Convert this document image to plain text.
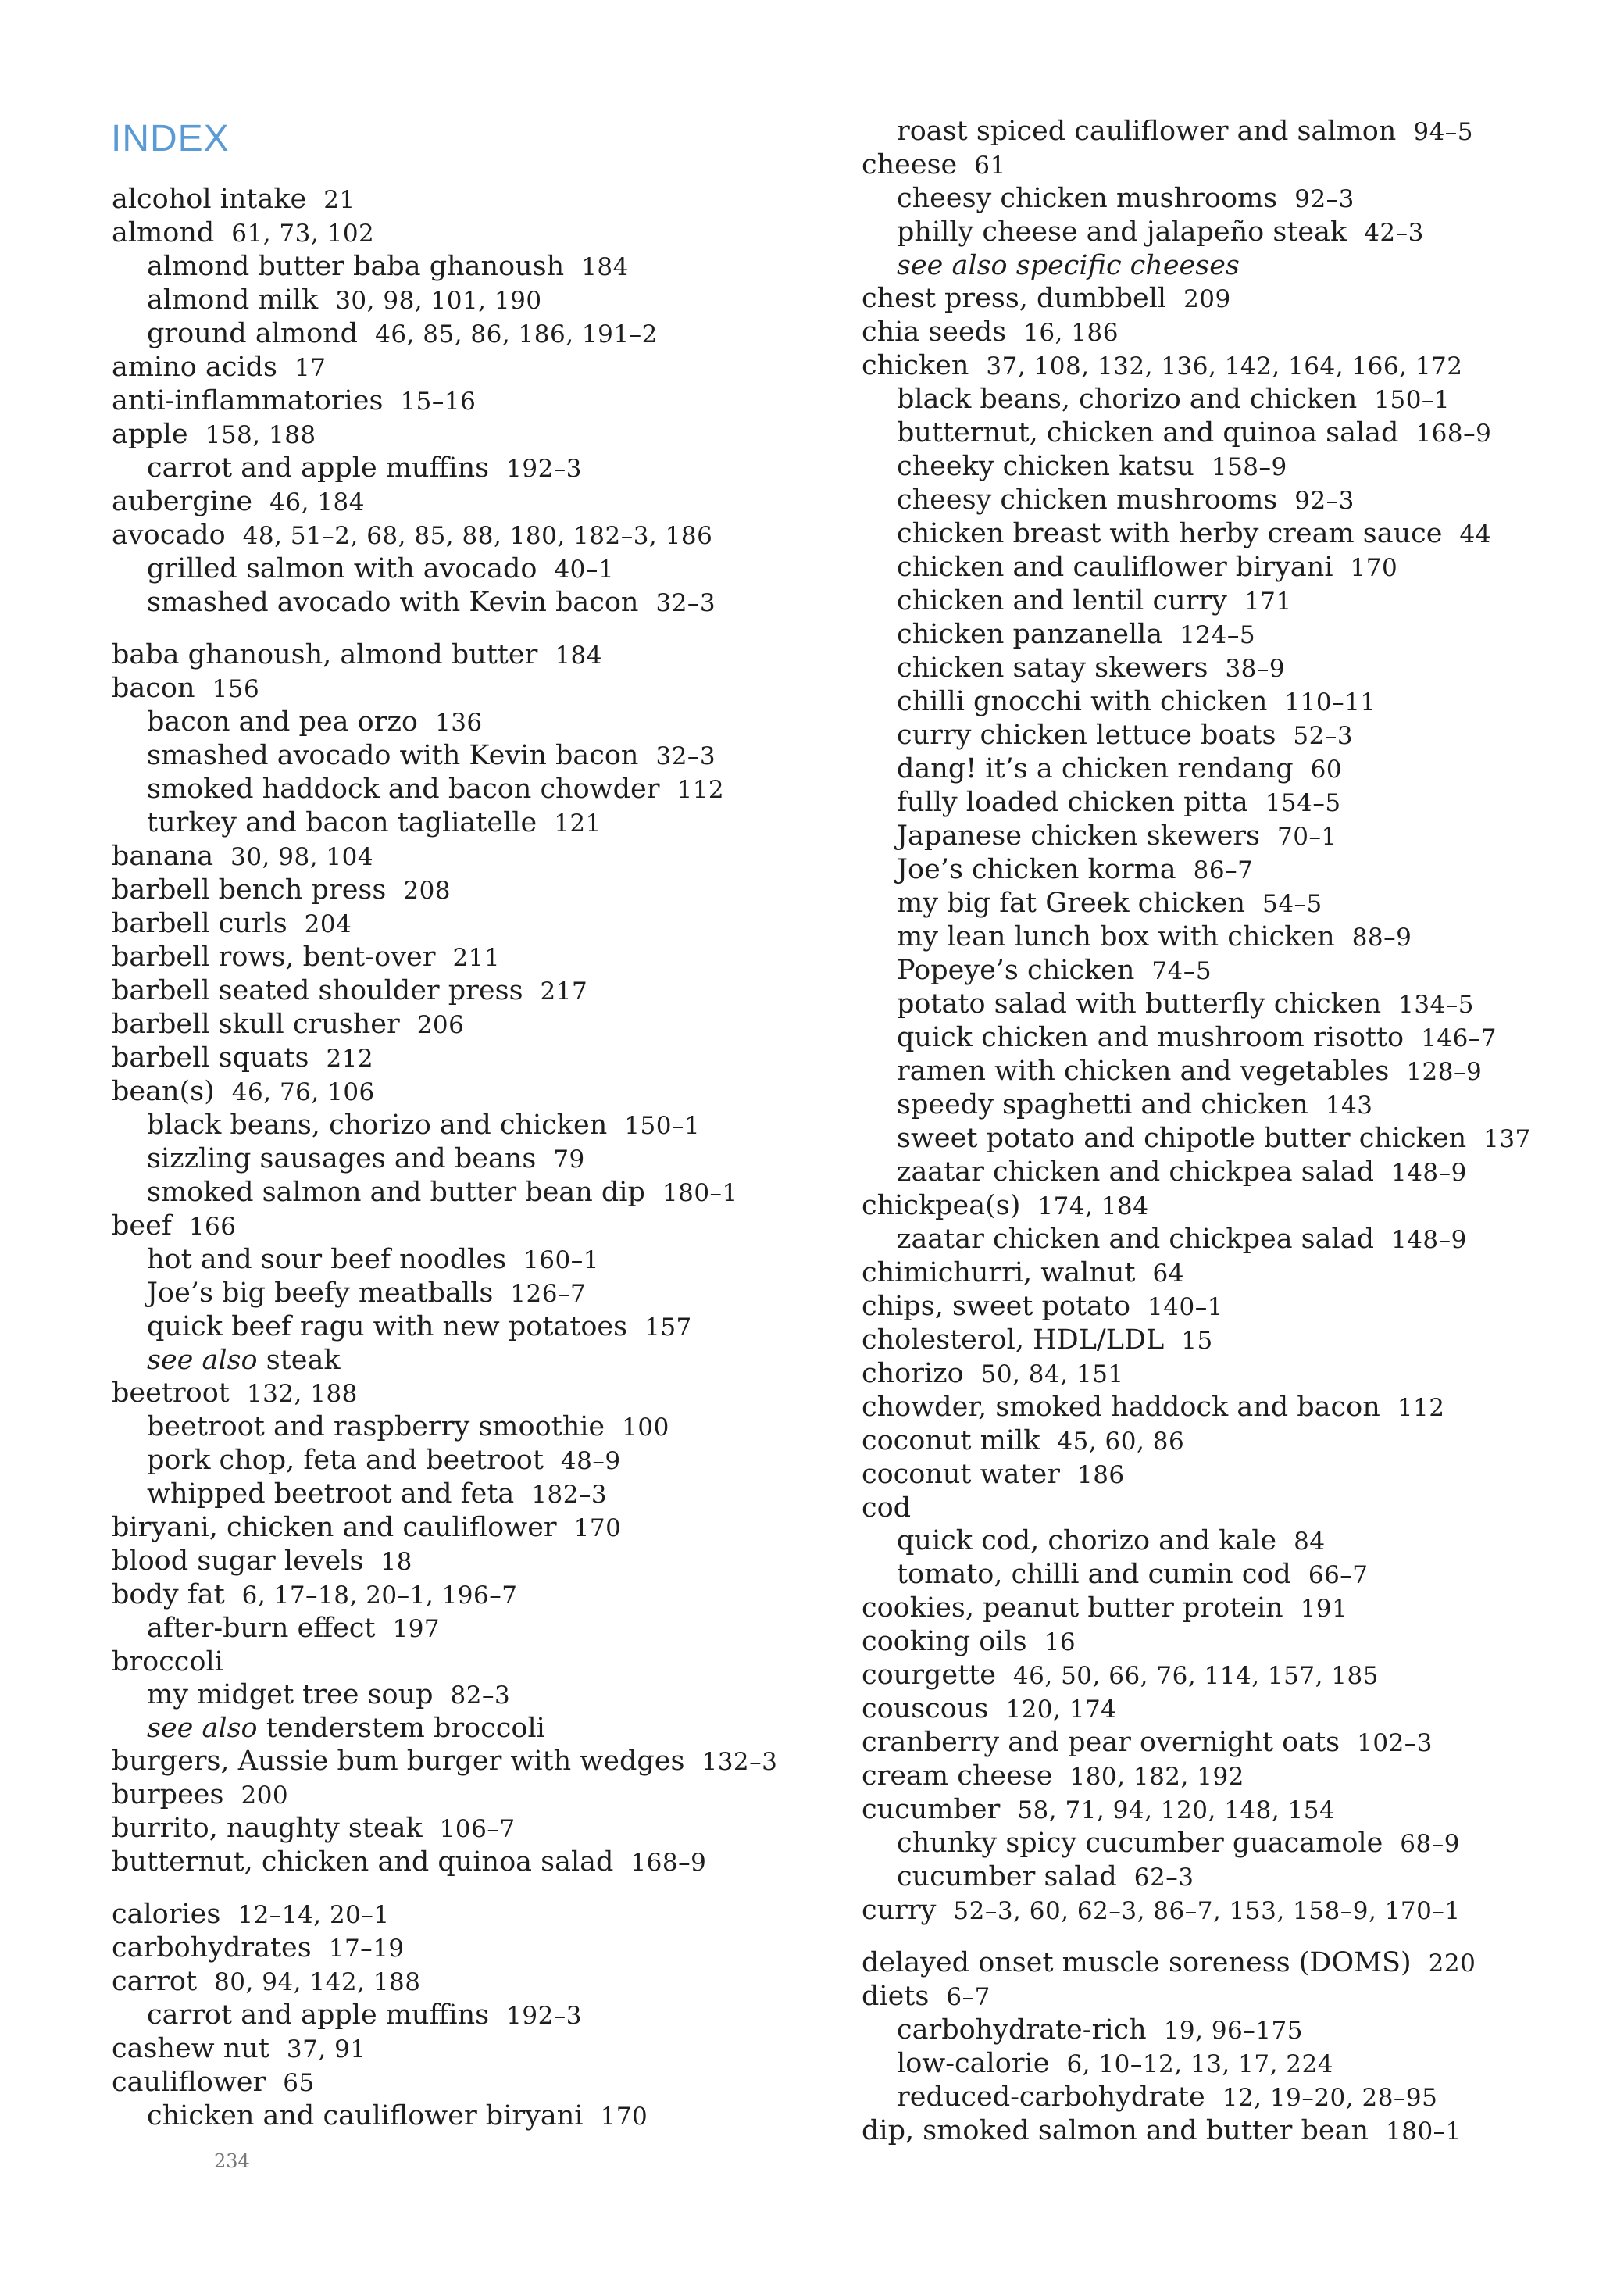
INDEX
alcohol intake 21
almond 61, 73, 102
almond butter baba ghanoush 184
almond milk 30, 98, 101, 190
ground almond 46, 85, 86, 186, 191–2
amino acids 17
anti-inflammatories 15–16
apple 158, 188
carrot and apple muffins 192–3
aubergine 46, 184
avocado 48, 51–2, 68, 85, 88, 180, 182–3, 186
grilled salmon with avocado 40–1
smashed avocado with Kevin bacon 32–3
baba ghanoush, almond butter 184
bacon 156
bacon and pea orzo 136
smashed avocado with Kevin bacon 32–3
smoked haddock and bacon chowder 112
turkey and bacon tagliatelle 121
banana 30, 98, 104
barbell bench press 208
barbell curls 204
barbell rows, bent-over 211
barbell seated shoulder press 217
barbell skull crusher 206
barbell squats 212
bean(s) 46, 76, 106
black beans, chorizo and chicken 150–1
sizzling sausages and beans 79
smoked salmon and butter bean dip 180–1
beef 166
hot and sour beef noodles 160–1
Joe’s big beefy meatballs 126–7
quick beef ragu with new potatoes 157
see also steak
beetroot 132, 188
beetroot and raspberry smoothie 100
pork chop, feta and beetroot 48–9
whipped beetroot and feta 182–3
biryani, chicken and cauliflower 170
blood sugar levels 18
body fat 6, 17–18, 20–1, 196–7
after-burn effect 197
broccoli
my midget tree soup 82–3
see also tenderstem broccoli
burgers, Aussie bum burger with wedges 132–3
burpees 200
burrito, naughty steak 106–7
butternut, chicken and quinoa salad 168–9
calories 12–14, 20–1
carbohydrates 17–19
carrot 80, 94, 142, 188
carrot and apple muffins 192–3
cashew nut 37, 91
cauliflower 65
chicken and cauliflower biryani 170
roast spiced cauliflower and salmon 94–5
cheese 61
cheesy chicken mushrooms 92–3
philly cheese and jalapeño steak 42–3
see also specific cheeses
chest press, dumbbell 209
chia seeds 16, 186
chicken 37, 108, 132, 136, 142, 164, 166, 172
black beans, chorizo and chicken 150–1
butternut, chicken and quinoa salad 168–9
cheeky chicken katsu 158–9
cheesy chicken mushrooms 92–3
chicken breast with herby cream sauce 44
chicken and cauliflower biryani 170
chicken and lentil curry 171
chicken panzanella 124–5
chicken satay skewers 38–9
chilli gnocchi with chicken 110–11
curry chicken lettuce boats 52–3
dang! it’s a chicken rendang 60
fully loaded chicken pitta 154–5
Japanese chicken skewers 70–1
Joe’s chicken korma 86–7
my big fat Greek chicken 54–5
my lean lunch box with chicken 88–9
Popeye’s chicken 74–5
potato salad with butterfly chicken 134–5
quick chicken and mushroom risotto 146–7
ramen with chicken and vegetables 128–9
speedy spaghetti and chicken 143
sweet potato and chipotle butter chicken 137
zaatar chicken and chickpea salad 148–9
chickpea(s) 174, 184
zaatar chicken and chickpea salad 148–9
chimichurri, walnut 64
chips, sweet potato 140–1
cholesterol, HDL/LDL 15
chorizo 50, 84, 151
chowder, smoked haddock and bacon 112
coconut milk 45, 60, 86
coconut water 186
cod
quick cod, chorizo and kale 84
tomato, chilli and cumin cod 66–7
cookies, peanut butter protein 191
cooking oils 16
courgette 46, 50, 66, 76, 114, 157, 185
couscous 120, 174
cranberry and pear overnight oats 102–3
cream cheese 180, 182, 192
cucumber 58, 71, 94, 120, 148, 154
chunky spicy cucumber guacamole 68–9
cucumber salad 62–3
curry 52–3, 60, 62–3, 86–7, 153, 158–9, 170–1
delayed onset muscle soreness (DOMS) 220
diets 6–7
carbohydrate-rich 19, 96–175
low-calorie 6, 10–12, 13, 17, 224
reduced-carbohydrate 12, 19–20, 28–95
dip, smoked salmon and butter bean 180–1
234
